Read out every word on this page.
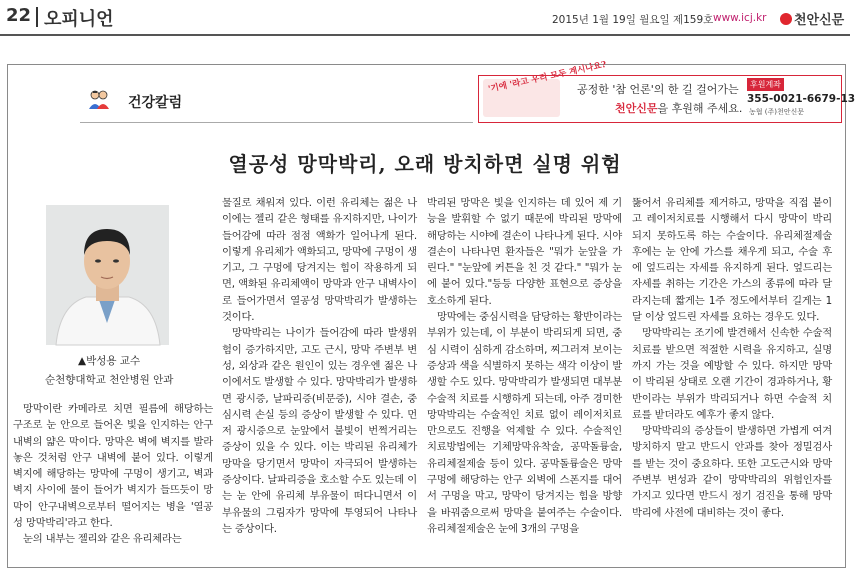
22 오피니언	2015년 1월 19일 월요일 제159호 www.icj.kr	천안신문
건강칼럼
'기에 '라고 우리 모두 계시나요?
공정한 '참 언론'의 한 길 걸어가는
천안신문을 후원해 주세요.
후원계좌
355-0021-6679-13
농협 (주)천안신문
열공성 망막박리, 오래 방치하면 실명 위험
▲박성용 교수
순천향대학교 천안병원 안과

망막이란 카메라로 치면 필름에 해당하는 구조로 눈 안으로 들어온 빛을 인지하는 안구 내벽의 얇은 막이다. 망막은 벽에 벽지를 발라 놓은 것처럼 안구 내벽에 붙어 있다. 이렇게 벽지에 해당하는 망막에 구멍이 생기고, 벽과 벽지 사이에 물이 들어가 벽지가 들뜨듯이 망막이 안구내벽으로부터 떨어지는 병을 '열공성 망막박리'라고 한다.

눈의 내부는 젤리와 같은 유리체라는

물질로 채워져 있다. 이런 유리체는 젊은 나이에는 젤리 같은 형태를 유지하지만, 나이가 들어감에 따라 점점 액화가 일어나게 된다. 이렇게 유리체가 액화되고, 망막에 구멍이 생기고, 그 구멍에 당겨지는 힘이 작용하게 되면, 액화된 유리체액이 망막과 안구 내벽사이로 들어가면서 열공성 망막박리가 발생하는 것이다.

망막박리는 나이가 들어감에 따라 발생위험이 증가하지만, 고도 근시, 망막 주변부 변성, 외상과 같은 원인이 있는 경우엔 젊은 나이에서도 발생할 수 있다. 망막박리가 발생하면 광시증, 날파리증(비문증), 시야 결손, 중심시력 손실 등의 증상이 발생할 수 있다. 먼저 광시증으로 눈앞에서 불빛이 번쩍거리는 증상이 있을 수 있다. 이는 박리된 유리체가 망막을 당기면서 망막이 자극되어 발생하는 증상이다. 날파리증을 호소할 수도 있는데 이는 눈 안에 유리체 부유물이 떠다니면서 이 부유물의 그림자가 망막에 투영되어 나타나는 증상이다.

박리된 망막은 빛을 인지하는 데 있어 제 기능을 발휘할 수 없기 때문에 박리된 망막에 해당하는 시야에 결손이 나타나게 된다. 시야 결손이 나타나면 환자들은 "뭐가 눈앞을 가린다." "눈앞에 커튼을 친 것 같다." "뭐가 눈에 붙어 있다."등등 다양한 표현으로 증상을 호소하게 된다.

망막에는 중심시력을 담당하는 황반이라는 부위가 있는데, 이 부분이 박리되게 되면, 중심 시력이 심하게 감소하며, 찌그러져 보이는 증상과 색을 식별하지 못하는 색각 이상이 발생할 수도 있다. 망막박리가 발생되면 대부분 수술적 치료를 시행하게 되는데, 아주 경미한 망막박리는 수술적인 치료 없이 레이저치료만으로도 진행을 억제할 수 있다. 수술적인 치료방법에는 기체망막유착술, 공막돌륭술, 유리체절제술 등이 있다. 공막돌륭술은 망막 구멍에 해당하는 안구 외벽에 스폰지를 대어서 구멍을 막고, 망막이 당겨지는 힘을 방향을 바꿔줌으로써 망막을 붙여주는 수술이다. 유리체절제술은 눈에 3개의 구멍을

뚫어서 유리체를 제거하고, 망막을 직접 붙이고 레이저치료를 시행해서 다시 망막이 박리되지 못하도록 하는 수술이다. 유리체절제술 후에는 눈 안에 가스를 채우게 되고, 수술 후에 엎드리는 자세를 유지하게 된다. 엎드리는 자세를 취하는 기간은 가스의 종류에 따라 달라지는데 짧게는 1주 정도에서부터 길게는 1달 이상 엎드린 자세를 요하는 경우도 있다.

망막박리는 조기에 발견해서 신속한 수술적 치료를 받으면 적절한 시력을 유지하고, 실명까지 가는 것을 예방할 수 있다. 하지만 망막이 박리된 상태로 오랜 기간이 경과하거나, 황반이라는 부위가 박리되거나 하면 수술적 치료를 받더라도 예후가 좋지 않다.

망막박리의 증상들이 발생하면 가볍게 여겨 방치하지 말고 반드시 안과를 찾아 정밀검사를 받는 것이 중요하다. 또한 고도근시와 망막 주변부 변성과 같이 망막박리의 위험인자를 가지고 있다면 반드시 정기 검진을 통해 망막박리에 사전에 대비하는 것이 좋다.
